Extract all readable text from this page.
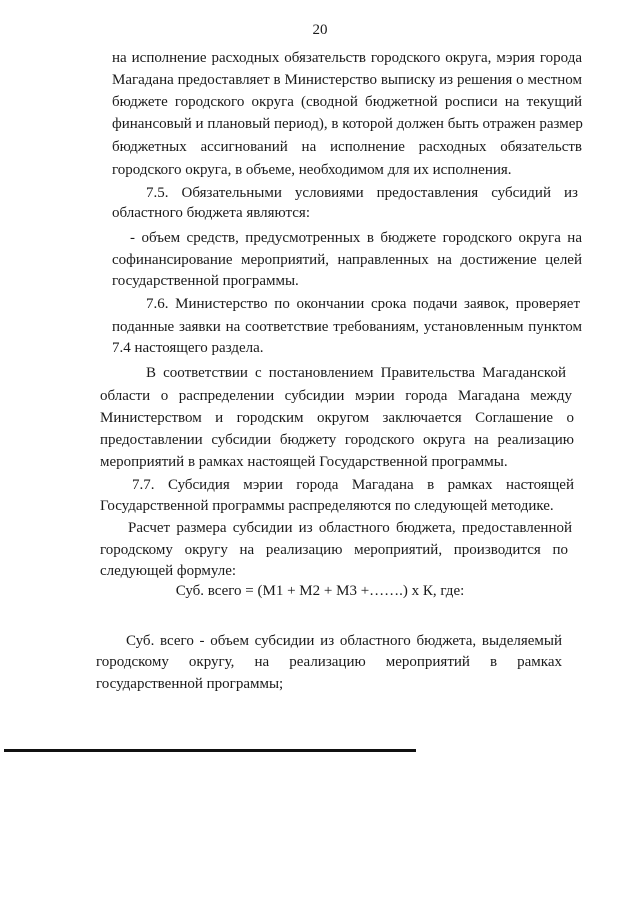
20
на исполнение расходных обязательств городского округа, мэрия города
Магадана предоставляет в Министерство выписку из решения о местном
бюджете городского округа (сводной бюджетной росписи на текущий
финансовый и плановый период), в которой должен быть отражен размер
бюджетных ассигнований на исполнение расходных обязательств
городского округа, в объеме, необходимом для их исполнения.
7.5. Обязательными условиями предоставления субсидий из
областного бюджета являются:
- объем средств, предусмотренных в бюджете городского округа на
софинансирование мероприятий, направленных на достижение целей
государственной программы.
7.6. Министерство по окончании срока подачи заявок, проверяет
поданные заявки на соответствие требованиям, установленным пунктом
7.4 настоящего раздела.
В соответствии с постановлением Правительства Магаданской
области о распределении субсидии мэрии города Магадана между
Министерством и городским округом заключается Соглашение о
предоставлении субсидии бюджету городского округа на реализацию
мероприятий в рамках настоящей Государственной программы.
7.7. Субсидия мэрии города Магадана в рамках настоящей
Государственной программы распределяются по следующей методике.
Расчет размера субсидии из областного бюджета, предоставленной
городскому округу на реализацию мероприятий, производится по
следующей формуле:
Суб. всего = (М1 + М2 + М3 +…….) х К, где:
Суб. всего - объем субсидии из областного бюджета, выделяемый
городскому округу, на реализацию мероприятий в рамках
государственной программы;
